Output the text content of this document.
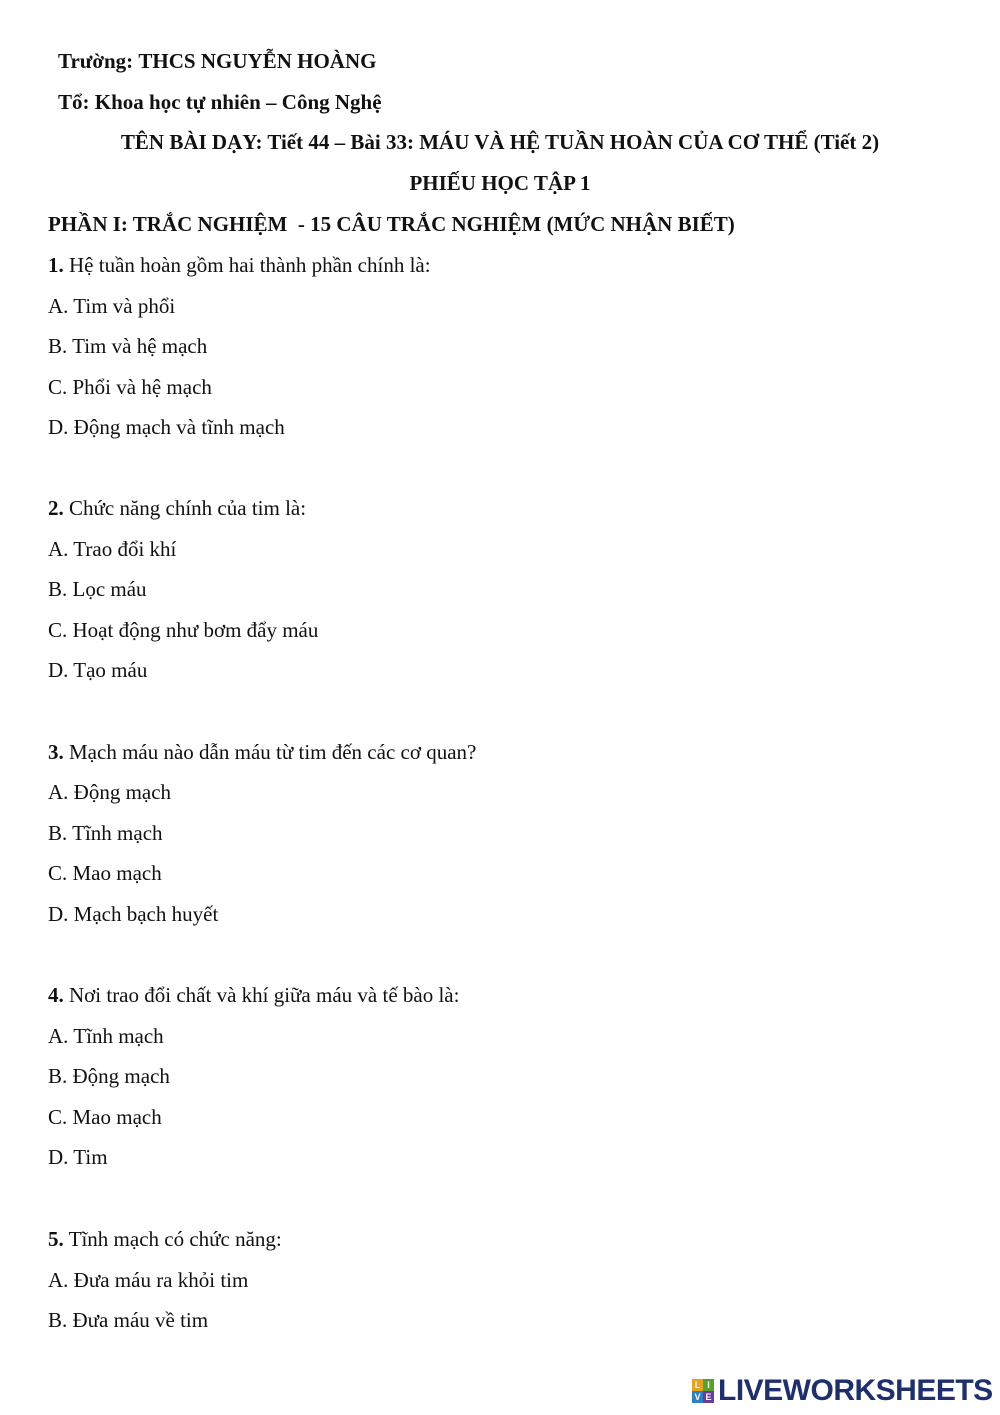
Trường: THCS NGUYỄN HOÀNG
Tổ: Khoa học tự nhiên – Công Nghệ
TÊN BÀI DẠY: Tiết 44 – Bài 33: MÁU VÀ HỆ TUẦN HOÀN CỦA CƠ THỂ (Tiết 2)
PHIẾU HỌC TẬP 1
PHẦN I: TRẮC NGHIỆM  - 15 CÂU TRẮC NGHIỆM (MỨC NHẬN BIẾT)
1. Hệ tuần hoàn gồm hai thành phần chính là:
A. Tim và phổi
B. Tim và hệ mạch
C. Phổi và hệ mạch
D. Động mạch và tĩnh mạch
2. Chức năng chính của tim là:
A. Trao đổi khí
B. Lọc máu
C. Hoạt động như bơm đẩy máu
D. Tạo máu
3. Mạch máu nào dẫn máu từ tim đến các cơ quan?
A. Động mạch
B. Tĩnh mạch
C. Mao mạch
D. Mạch bạch huyết
4. Nơi trao đổi chất và khí giữa máu và tế bào là:
A. Tĩnh mạch
B. Động mạch
C. Mao mạch
D. Tim
5. Tĩnh mạch có chức năng:
A. Đưa máu ra khỏi tim
B. Đưa máu về tim
L I
V E LIVEWORKSHEETS
